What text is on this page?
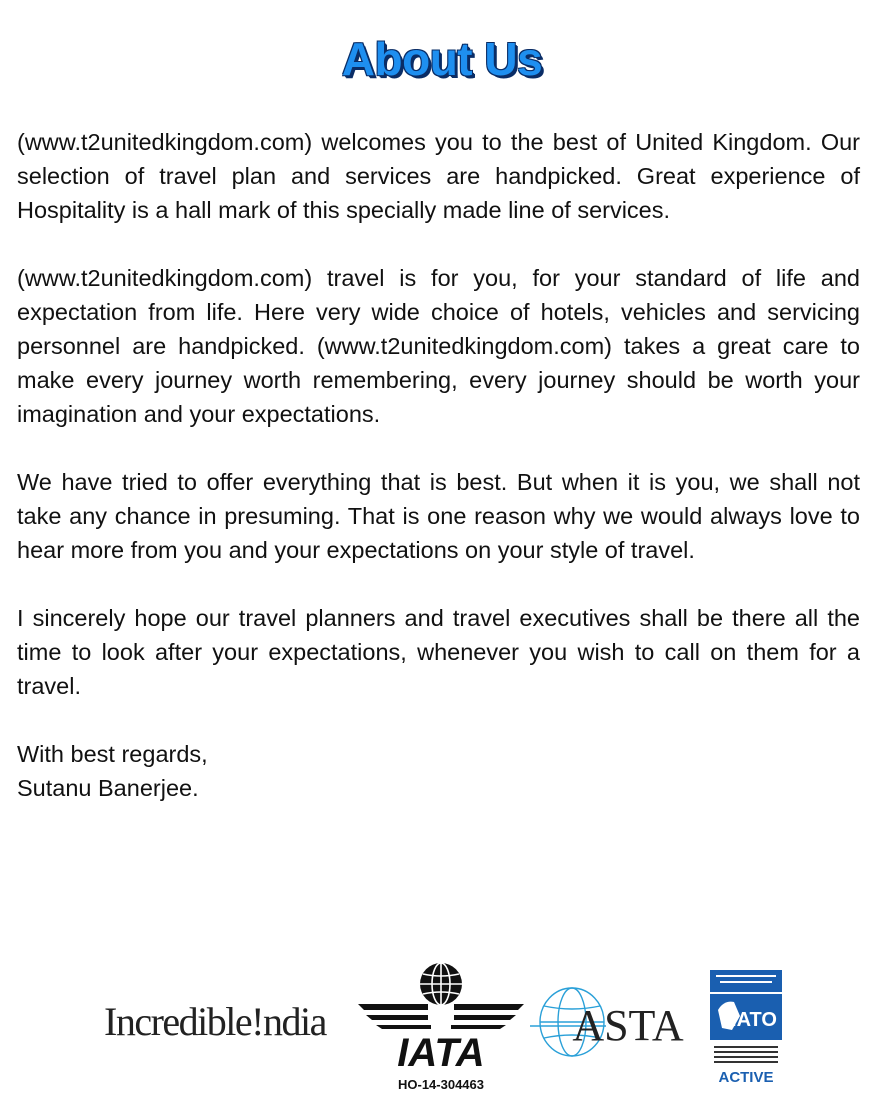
About Us

(www.t2unitedkingdom.com) welcomes you to the best of United Kingdom. Our selection of travel plan and services are handpicked. Great experience of Hospitality is a hall mark of this specially made line of services.

(www.t2unitedkingdom.com) travel is for you, for your standard of life and expectation from life. Here very wide choice of hotels, vehicles and servicing personnel are handpicked. (www.t2unitedkingdom.com) takes a great care to make every journey worth remembering, every journey should be worth your imagination and your expectations.

We have tried to offer everything that is best. But when it is you, we shall not take any chance in presuming. That is one reason why we would always love to hear more from you and your expectations on your style of travel.

I sincerely hope our travel planners and travel executives shall be there all the time to look after your expectations, whenever you wish to call on them for a travel.

With best regards,

Sutanu Banerjee.

Incredible!ndia
IATA
HO-14-304463
ASTA IATO
ACTIVE
